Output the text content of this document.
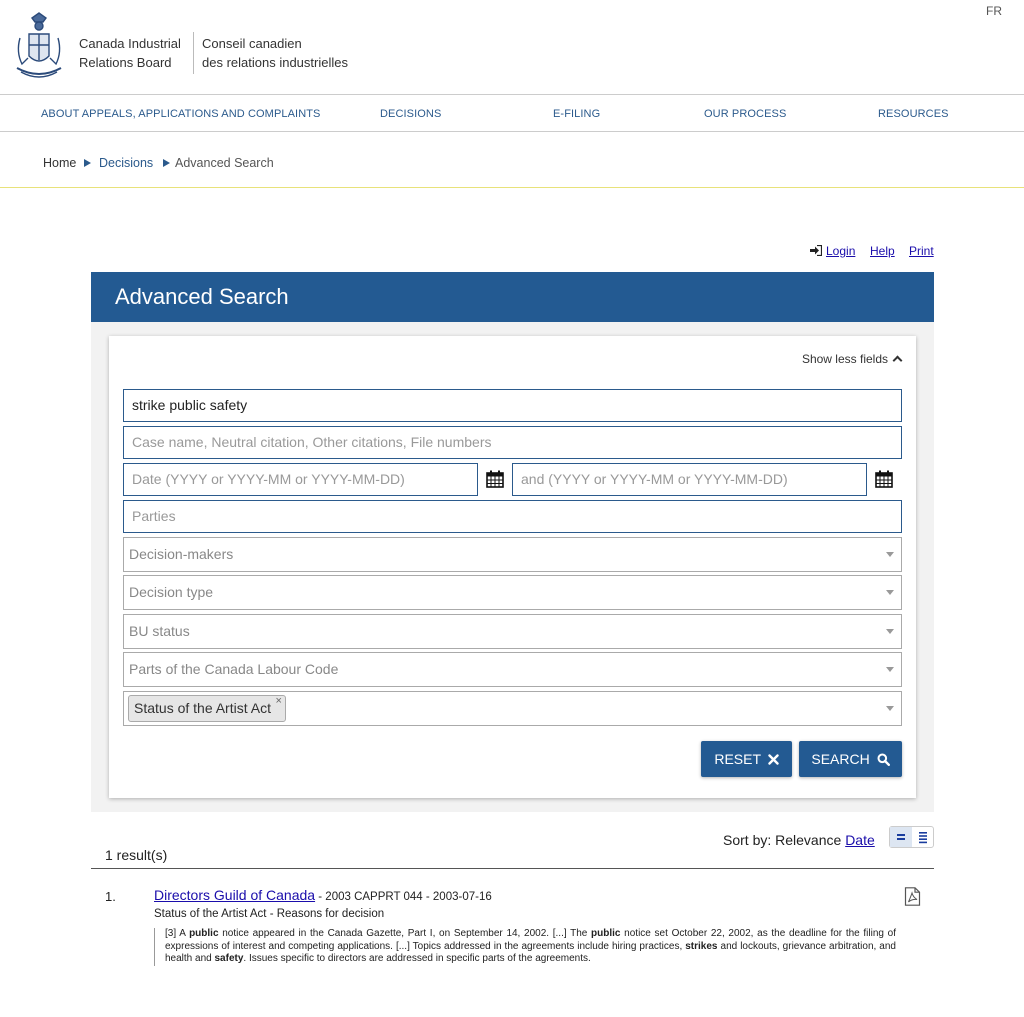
FR
Canada Industrial
Relations Board
Conseil canadien
des relations industrielles
ABOUT APPEALS, APPLICATIONS AND COMPLAINTS	DECISIONS	E-FILING	OUR PROCESS	RESOURCES
Home Decisions Advanced Search
Login Help Print
Advanced Search
Show less fields
strike public safety
Case name, Neutral citation, Other citations, File numbers
Date (YYYY or YYYY-MM or YYYY-MM-DD)	and (YYYY or YYYY-MM or YYYY-MM-DD)
Parties
Decision-makers
Decision type
BU status
Parts of the Canada Labour Code
Status of the Artist Act ×
RESET	SEARCH
Sort by: Relevance Date
1 result(s)
1.	Directors Guild of Canada - 2003 CAPPRT 044 - 2003-07-16
Status of the Artist Act - Reasons for decision
[3] A public notice appeared in the Canada Gazette, Part I, on September 14, 2002. [...] The public notice set October 22, 2002, as the deadline for the filing of expressions of interest and competing applications. [...] Topics addressed in the agreements include hiring practices, strikes and lockouts, grievance arbitration, and health and safety. Issues specific to directors are addressed in specific parts of the agreements.
